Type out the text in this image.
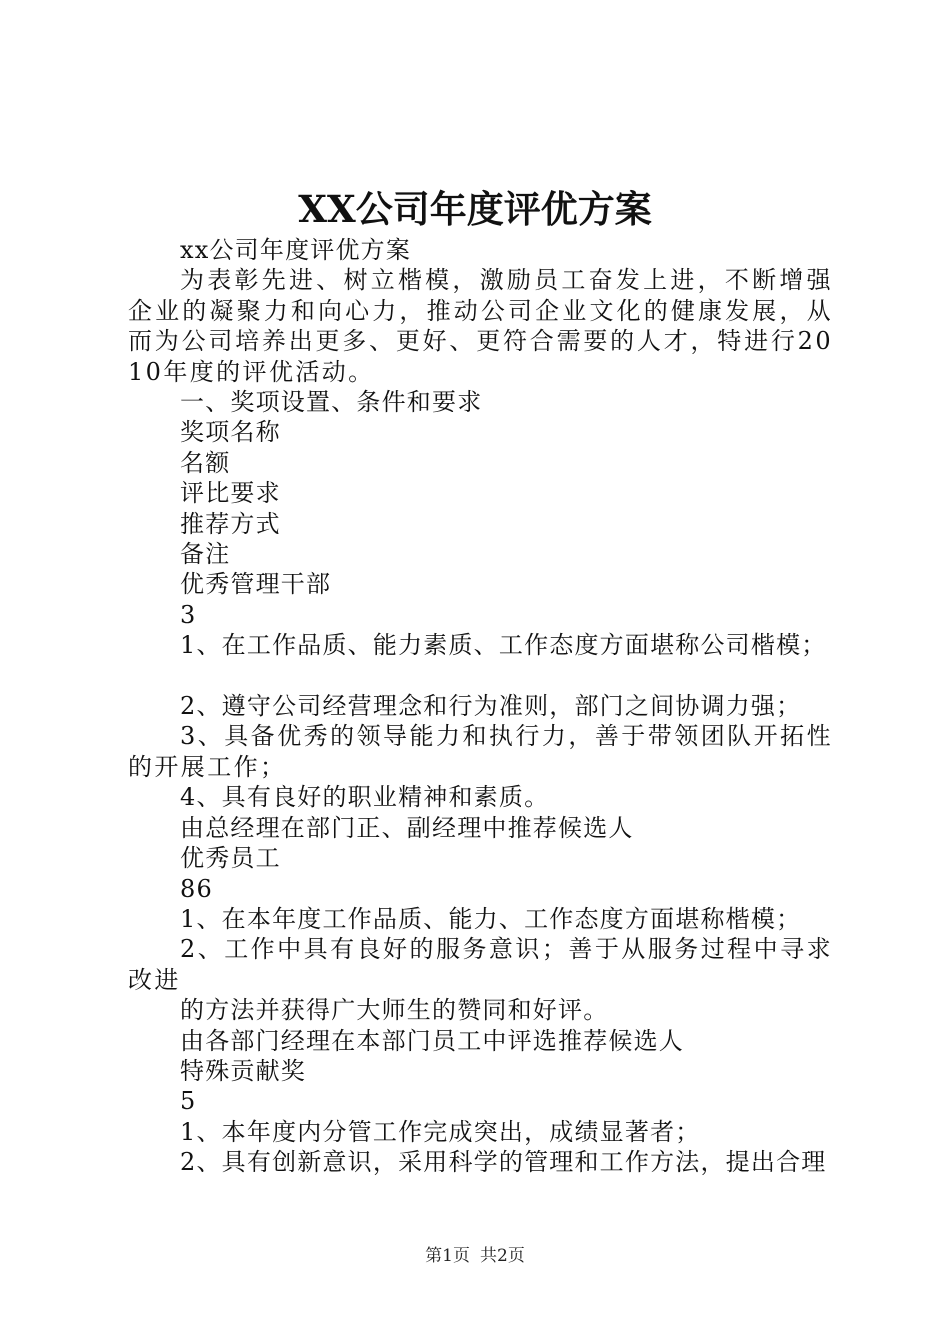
XX公司年度评优方案

xx公司年度评优方案

为表彰先进、树立楷模，激励员工奋发上进，不断增强企业的凝聚力和向心力，推动公司企业文化的健康发展，从而为公司培养出更多、更好、更符合需要的人才，特进行2010年度的评优活动。

一、奖项设置、条件和要求

奖项名称

名额

评比要求

推荐方式

备注

优秀管理干部

3

1、在工作品质、能力素质、工作态度方面堪称公司楷模；

2、遵守公司经营理念和行为准则，部门之间协调力强；

3、具备优秀的领导能力和执行力，善于带领团队开拓性的开展工作；

4、具有良好的职业精神和素质。

由总经理在部门正、副经理中推荐候选人

优秀员工

86

1、在本年度工作品质、能力、工作态度方面堪称楷模；

2、工作中具有良好的服务意识；善于从服务过程中寻求改进

的方法并获得广大师生的赞同和好评。

由各部门经理在本部门员工中评选推荐候选人

特殊贡献奖

5

1、本年度内分管工作完成突出，成绩显著者；

2、具有创新意识，采用科学的管理和工作方法，提出合理

第1页 共2页
